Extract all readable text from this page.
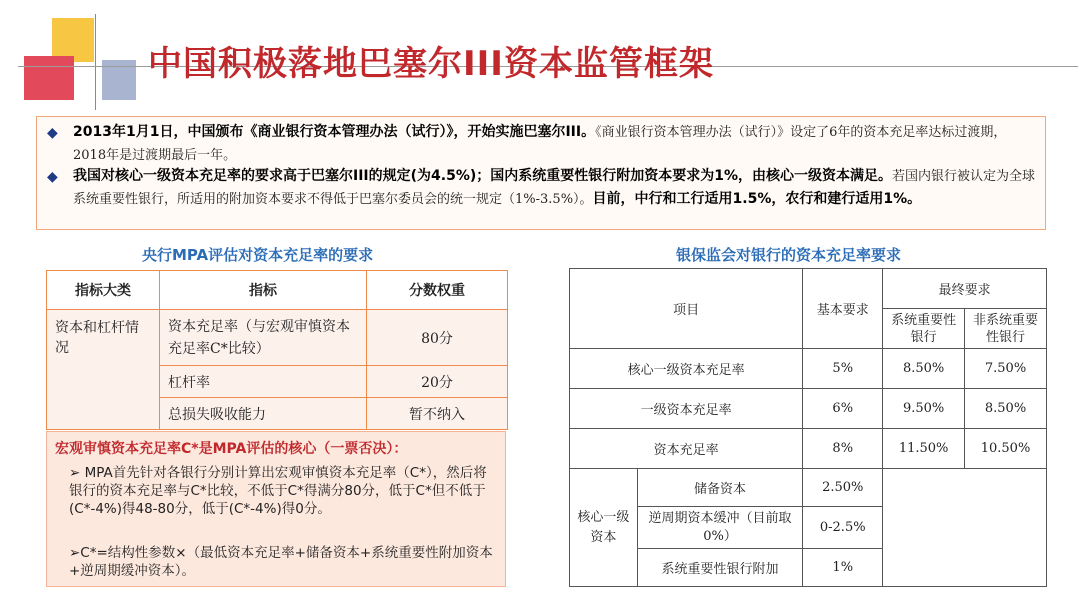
中国积极落地巴塞尔III资本监管框架
◆ 2013年1月1日，中国颁布《商业银行资本管理办法（试行）》，开始实施巴塞尔III。《商业银行资本管理办法（试行）》设定了6年的资本充足率达标过渡期，2018年是过渡期最后一年。
◆ 我国对核心一级资本充足率的要求高于巴塞尔III的规定(为4.5%)；国内系统重要性银行附加资本要求为1%，由核心一级资本满足。若国内银行被认定为全球系统重要性银行，所适用的附加资本要求不得低于巴塞尔委员会的统一规定（1%-3.5%）。目前，中行和工行适用1.5%，农行和建行适用1%。
央行MPA评估对资本充足率的要求
指标大类	指标	分数权重
资本和杠杆情况	资本充足率（与宏观审慎资本充足率C*比较）	80分
	杠杆率	20分
	总损失吸收能力	暂不纳入
宏观审慎资本充足率C*是MPA评估的核心（一票否决）：
➢ MPA首先针对各银行分别计算出宏观审慎资本充足率（C*），然后将银行的资本充足率与C*比较，不低于C*得满分80分，低于C*但不低于(C*-4%)得48-80分，低于(C*-4%)得0分。
➢C*=结构性参数×（最低资本充足率+储备资本+系统重要性附加资本+逆周期缓冲资本）。
银保监会对银行的资本充足率要求
项目		基本要求	最终要求	
			系统重要性银行	非系统重要性银行
核心一级资本充足率		5%	8.50%	7.50%
一级资本充足率		6%	9.50%	8.50%
资本充足率		8%	11.50%	10.50%
核心一级资本	储备资本	2.50%		
	逆周期资本缓冲（目前取0%）	0-2.5%		
	系统重要性银行附加	1%		
